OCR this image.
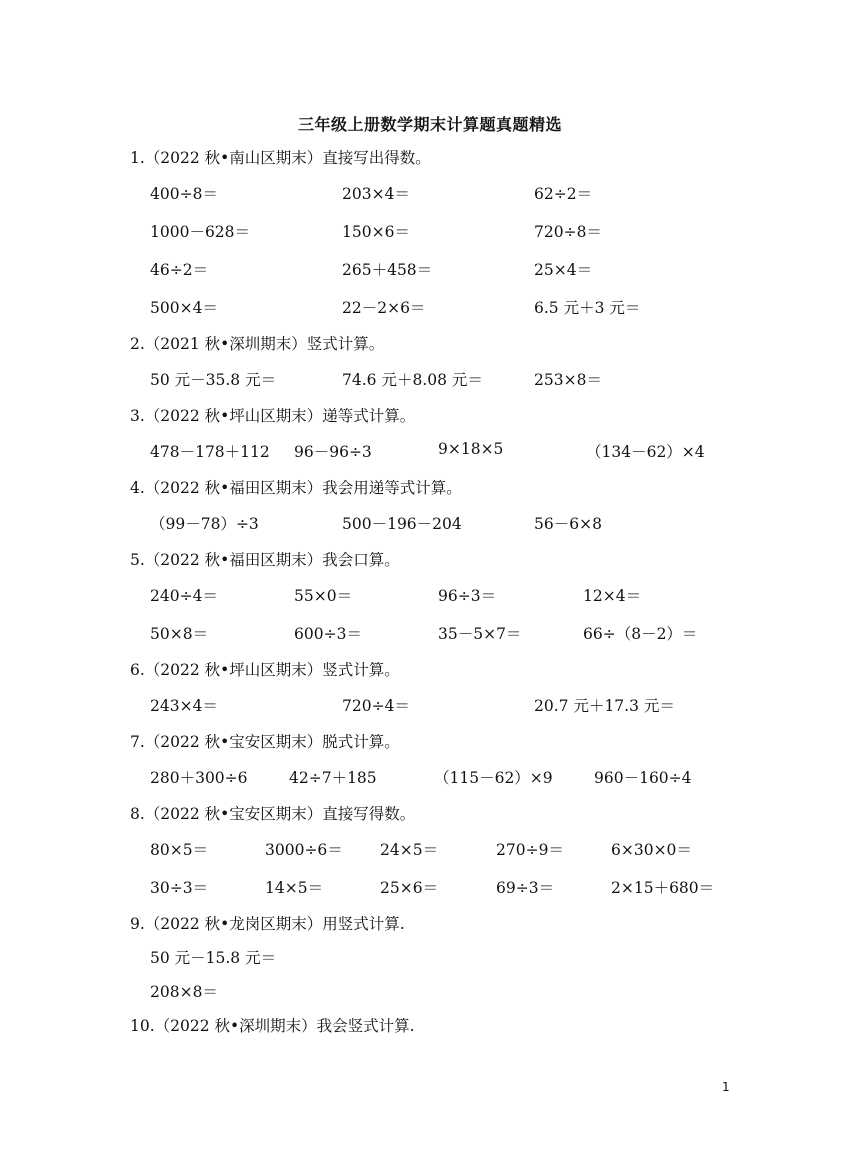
三年级上册数学期末计算题真题精选
1.（2022 秋•南山区期末）直接写出得数。
400÷8＝	203×4＝	62÷2＝
1000－628＝	150×6＝	720÷8＝
46÷2＝	265＋458＝	25×4＝
500×4＝	22－2×6＝	6.5 元＋3 元＝
2.（2021 秋•深圳期末）竖式计算。
50 元－35.8 元＝	74.6 元＋8.08 元＝	253×8＝
3.（2022 秋•坪山区期末）递等式计算。
478－178＋112 96－96÷3	9×18×5	（134－62）×4
4.（2022 秋•福田区期末）我会用递等式计算。
（99－78）÷3	500－196－204	56－6×8
5.（2022 秋•福田区期末）我会口算。
240÷4＝	55×0＝	96÷3＝	12×4＝
50×8＝	600÷3＝	35－5×7＝	66÷（8－2）＝
6.（2022 秋•坪山区期末）竖式计算。
243×4＝	720÷4＝	20.7 元＋17.3 元＝
7.（2022 秋•宝安区期末）脱式计算。
280＋300÷6	42÷7＋185	（115－62）×9	960－160÷4
8.（2022 秋•宝安区期末）直接写得数。
80×5＝	3000÷6＝ 24×5＝	270÷9＝	6×30×0＝
30÷3＝	14×5＝	25×6＝	69÷3＝	2×15＋680＝
9.（2022 秋•龙岗区期末）用竖式计算.
50 元－15.8 元＝
208×8＝
10.（2022 秋•深圳期末）我会竖式计算.
1
